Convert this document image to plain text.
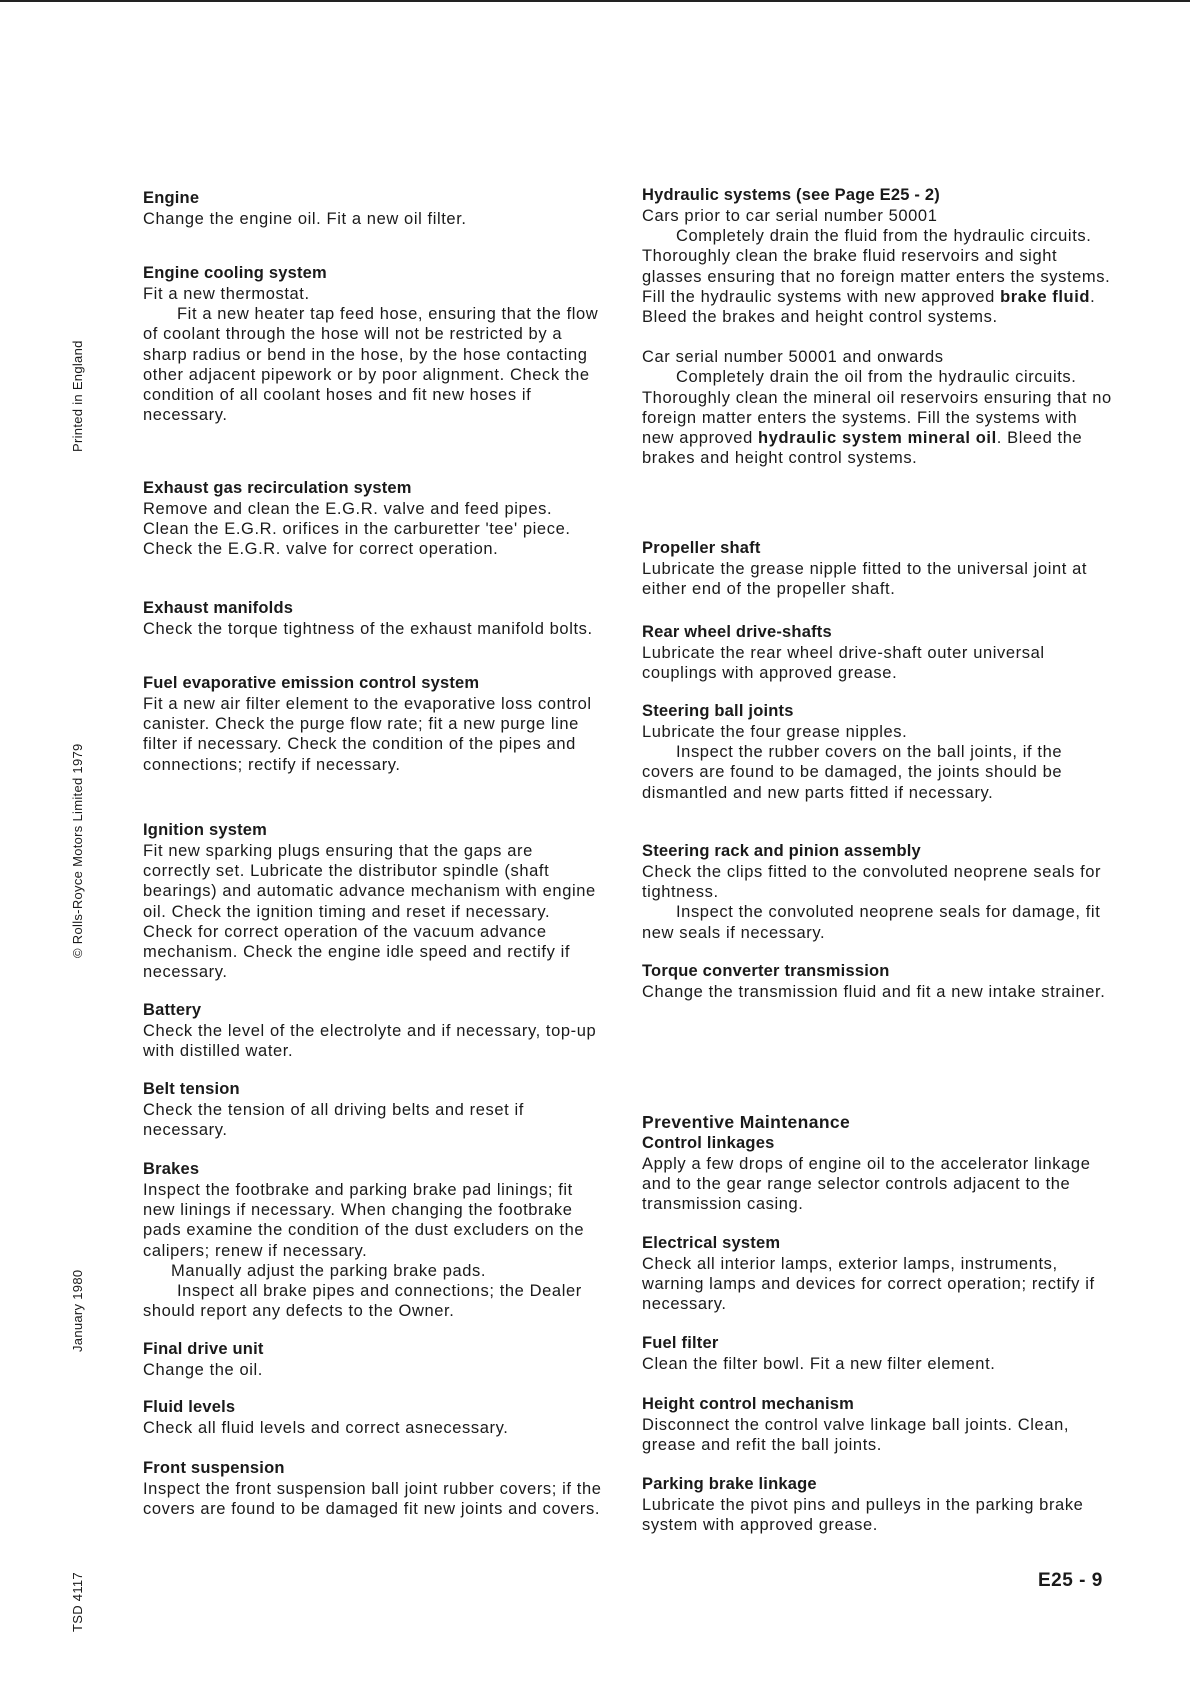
Printed in England
© Rolls-Royce Motors Limited 1979
January 1980
TSD 4117
Engine

Change the engine oil. Fit a new oil filter.

Engine cooling system

Fit a new thermostat.

Fit a new heater tap feed hose, ensuring that the flow of coolant through the hose will not be restricted by a sharp radius or bend in the hose, by the hose contacting other adjacent pipework or by poor alignment. Check the condition of all coolant hoses and fit new hoses if necessary.

Exhaust gas recirculation system

Remove and clean the E.G.R. valve and feed pipes. Clean the E.G.R. orifices in the carburetter 'tee' piece. Check the E.G.R. valve for correct operation.

Exhaust manifolds

Check the torque tightness of the exhaust manifold bolts.

Fuel evaporative emission control system

Fit a new air filter element to the evaporative loss control canister. Check the purge flow rate; fit a new purge line filter if necessary. Check the condition of the pipes and connections; rectify if necessary.

Ignition system

Fit new sparking plugs ensuring that the gaps are correctly set. Lubricate the distributor spindle (shaft bearings) and automatic advance mechanism with engine oil. Check the ignition timing and reset if necessary. Check for correct operation of the vacuum advance mechanism. Check the engine idle speed and rectify if necessary.

Battery

Check the level of the electrolyte and if necessary, top-up with distilled water.

Belt tension

Check the tension of all driving belts and reset if necessary.

Brakes

Inspect the footbrake and parking brake pad linings; fit new linings if necessary. When changing the footbrake pads examine the condition of the dust excluders on the calipers; renew if necessary.

Manually adjust the parking brake pads.

Inspect all brake pipes and connections; the Dealer should report any defects to the Owner.

Final drive unit

Change the oil.

Fluid levels

Check all fluid levels and correct asnecessary.

Front suspension

Inspect the front suspension ball joint rubber covers; if the covers are found to be damaged fit new joints and covers.

Hydraulic systems (see Page E25 - 2)

Cars prior to car serial number 50001

Completely drain the fluid from the hydraulic circuits. Thoroughly clean the brake fluid reservoirs and sight glasses ensuring that no foreign matter enters the systems. Fill the hydraulic systems with new approved brake fluid. Bleed the brakes and height control systems.

Car serial number 50001 and onwards

Completely drain the oil from the hydraulic circuits. Thoroughly clean the mineral oil reservoirs ensuring that no foreign matter enters the systems. Fill the systems with new approved hydraulic system mineral oil. Bleed the brakes and height control systems.

Propeller shaft

Lubricate the grease nipple fitted to the universal joint at either end of the propeller shaft.

Rear wheel drive-shafts

Lubricate the rear wheel drive-shaft outer universal couplings with approved grease.

Steering ball joints

Lubricate the four grease nipples.

Inspect the rubber covers on the ball joints, if the covers are found to be damaged, the joints should be dismantled and new parts fitted if necessary.

Steering rack and pinion assembly

Check the clips fitted to the convoluted neoprene seals for tightness.

Inspect the convoluted neoprene seals for damage, fit new seals if necessary.

Torque converter transmission

Change the transmission fluid and fit a new intake strainer.

Preventive Maintenance
Control linkages

Apply a few drops of engine oil to the accelerator linkage and to the gear range selector controls adjacent to the transmission casing.

Electrical system

Check all interior lamps, exterior lamps, instruments, warning lamps and devices for correct operation; rectify if necessary.

Fuel filter

Clean the filter bowl. Fit a new filter element.

Height control mechanism

Disconnect the control valve linkage ball joints. Clean, grease and refit the ball joints.

Parking brake linkage

Lubricate the pivot pins and pulleys in the parking brake system with approved grease.

E25 - 9
